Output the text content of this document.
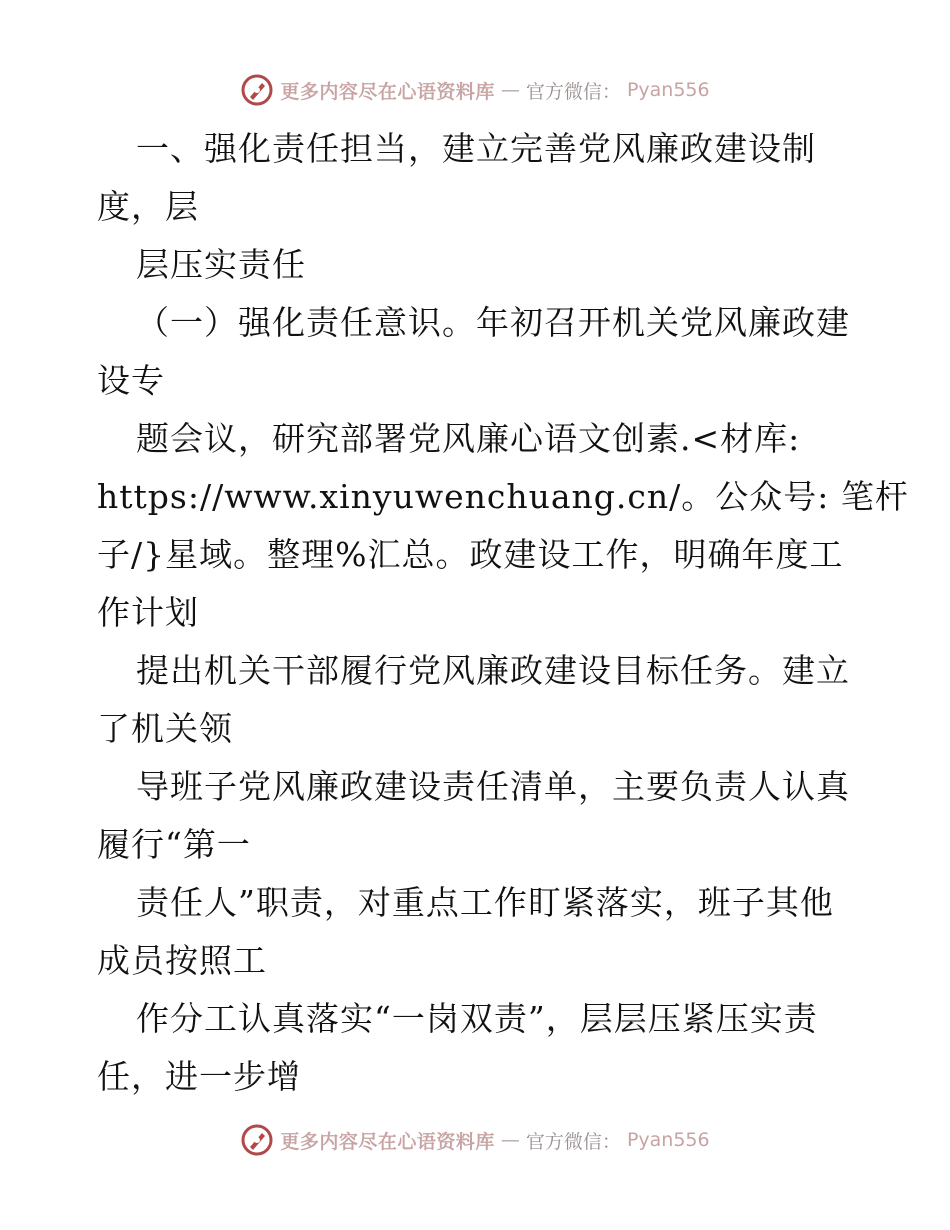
更多内容尽在心语资料库 — 官方微信： Pyan556
一、强化责任担当，建立完善党风廉政建设制
度，层
层压实责任
（一）强化责任意识。年初召开机关党风廉政建
设专
题会议，研究部署党风廉心语文创素.<材库:
https://www.xinyuwenchuang.cn/。公众号: 笔杆
子/}星域。整理%汇总。政建设工作，明确年度工
作计划
提出机关干部履行党风廉政建设目标任务。建立
了机关领
导班子党风廉政建设责任清单，主要负责人认真
履行“第一
责任人”职责，对重点工作盯紧落实，班子其他
成员按照工
作分工认真落实“一岗双责”，层层压紧压实责
任，进一步增
更多内容尽在心语资料库 — 官方微信： Pyan556
